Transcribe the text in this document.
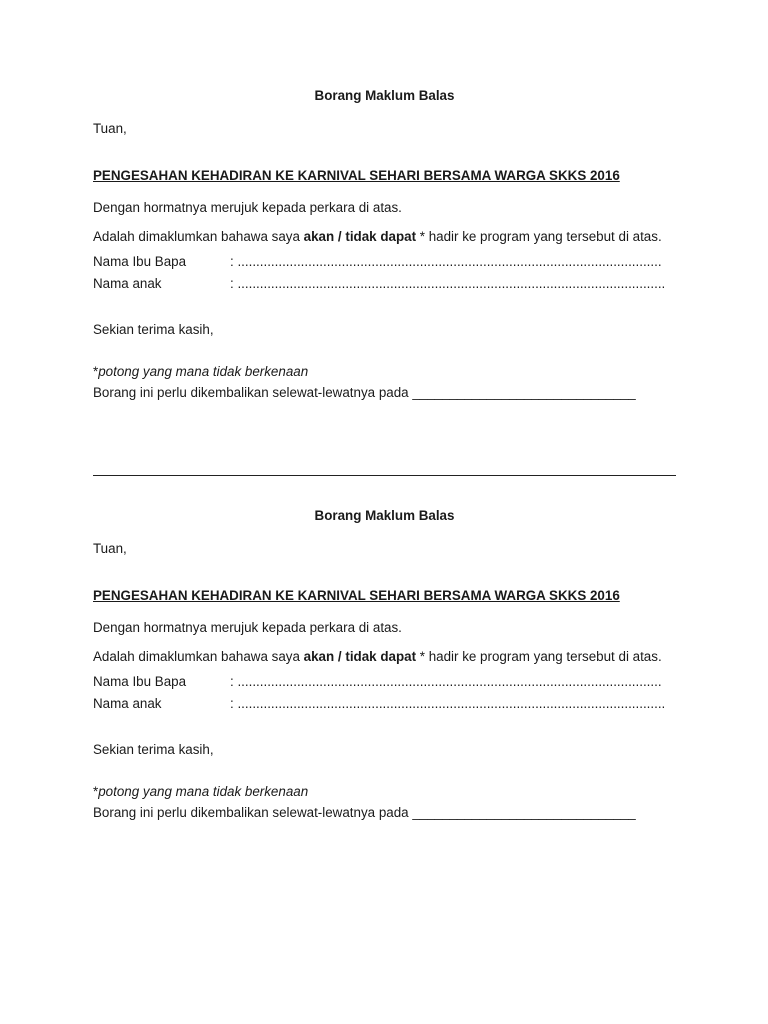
Borang Maklum Balas
Tuan,
PENGESAHAN KEHADIRAN KE KARNIVAL SEHARI BERSAMA WARGA SKKS 2016
Dengan hormatnya merujuk kepada perkara di atas.
Adalah dimaklumkan bahawa saya akan / tidak dapat * hadir ke program yang tersebut di atas.
Nama Ibu Bapa	: ..................................................................................................................
Nama anak	: ...................................................................................................................
Sekian terima kasih,
*potong yang mana tidak berkenaan
Borang ini perlu dikembalikan selewat-lewatnya pada ______________________________
Borang Maklum Balas
Tuan,
PENGESAHAN KEHADIRAN KE KARNIVAL SEHARI BERSAMA WARGA SKKS 2016
Dengan hormatnya merujuk kepada perkara di atas.
Adalah dimaklumkan bahawa saya akan / tidak dapat * hadir ke program yang tersebut di atas.
Nama Ibu Bapa	: ..................................................................................................................
Nama anak	: ...................................................................................................................
Sekian terima kasih,
*potong yang mana tidak berkenaan
Borang ini perlu dikembalikan selewat-lewatnya pada ______________________________
